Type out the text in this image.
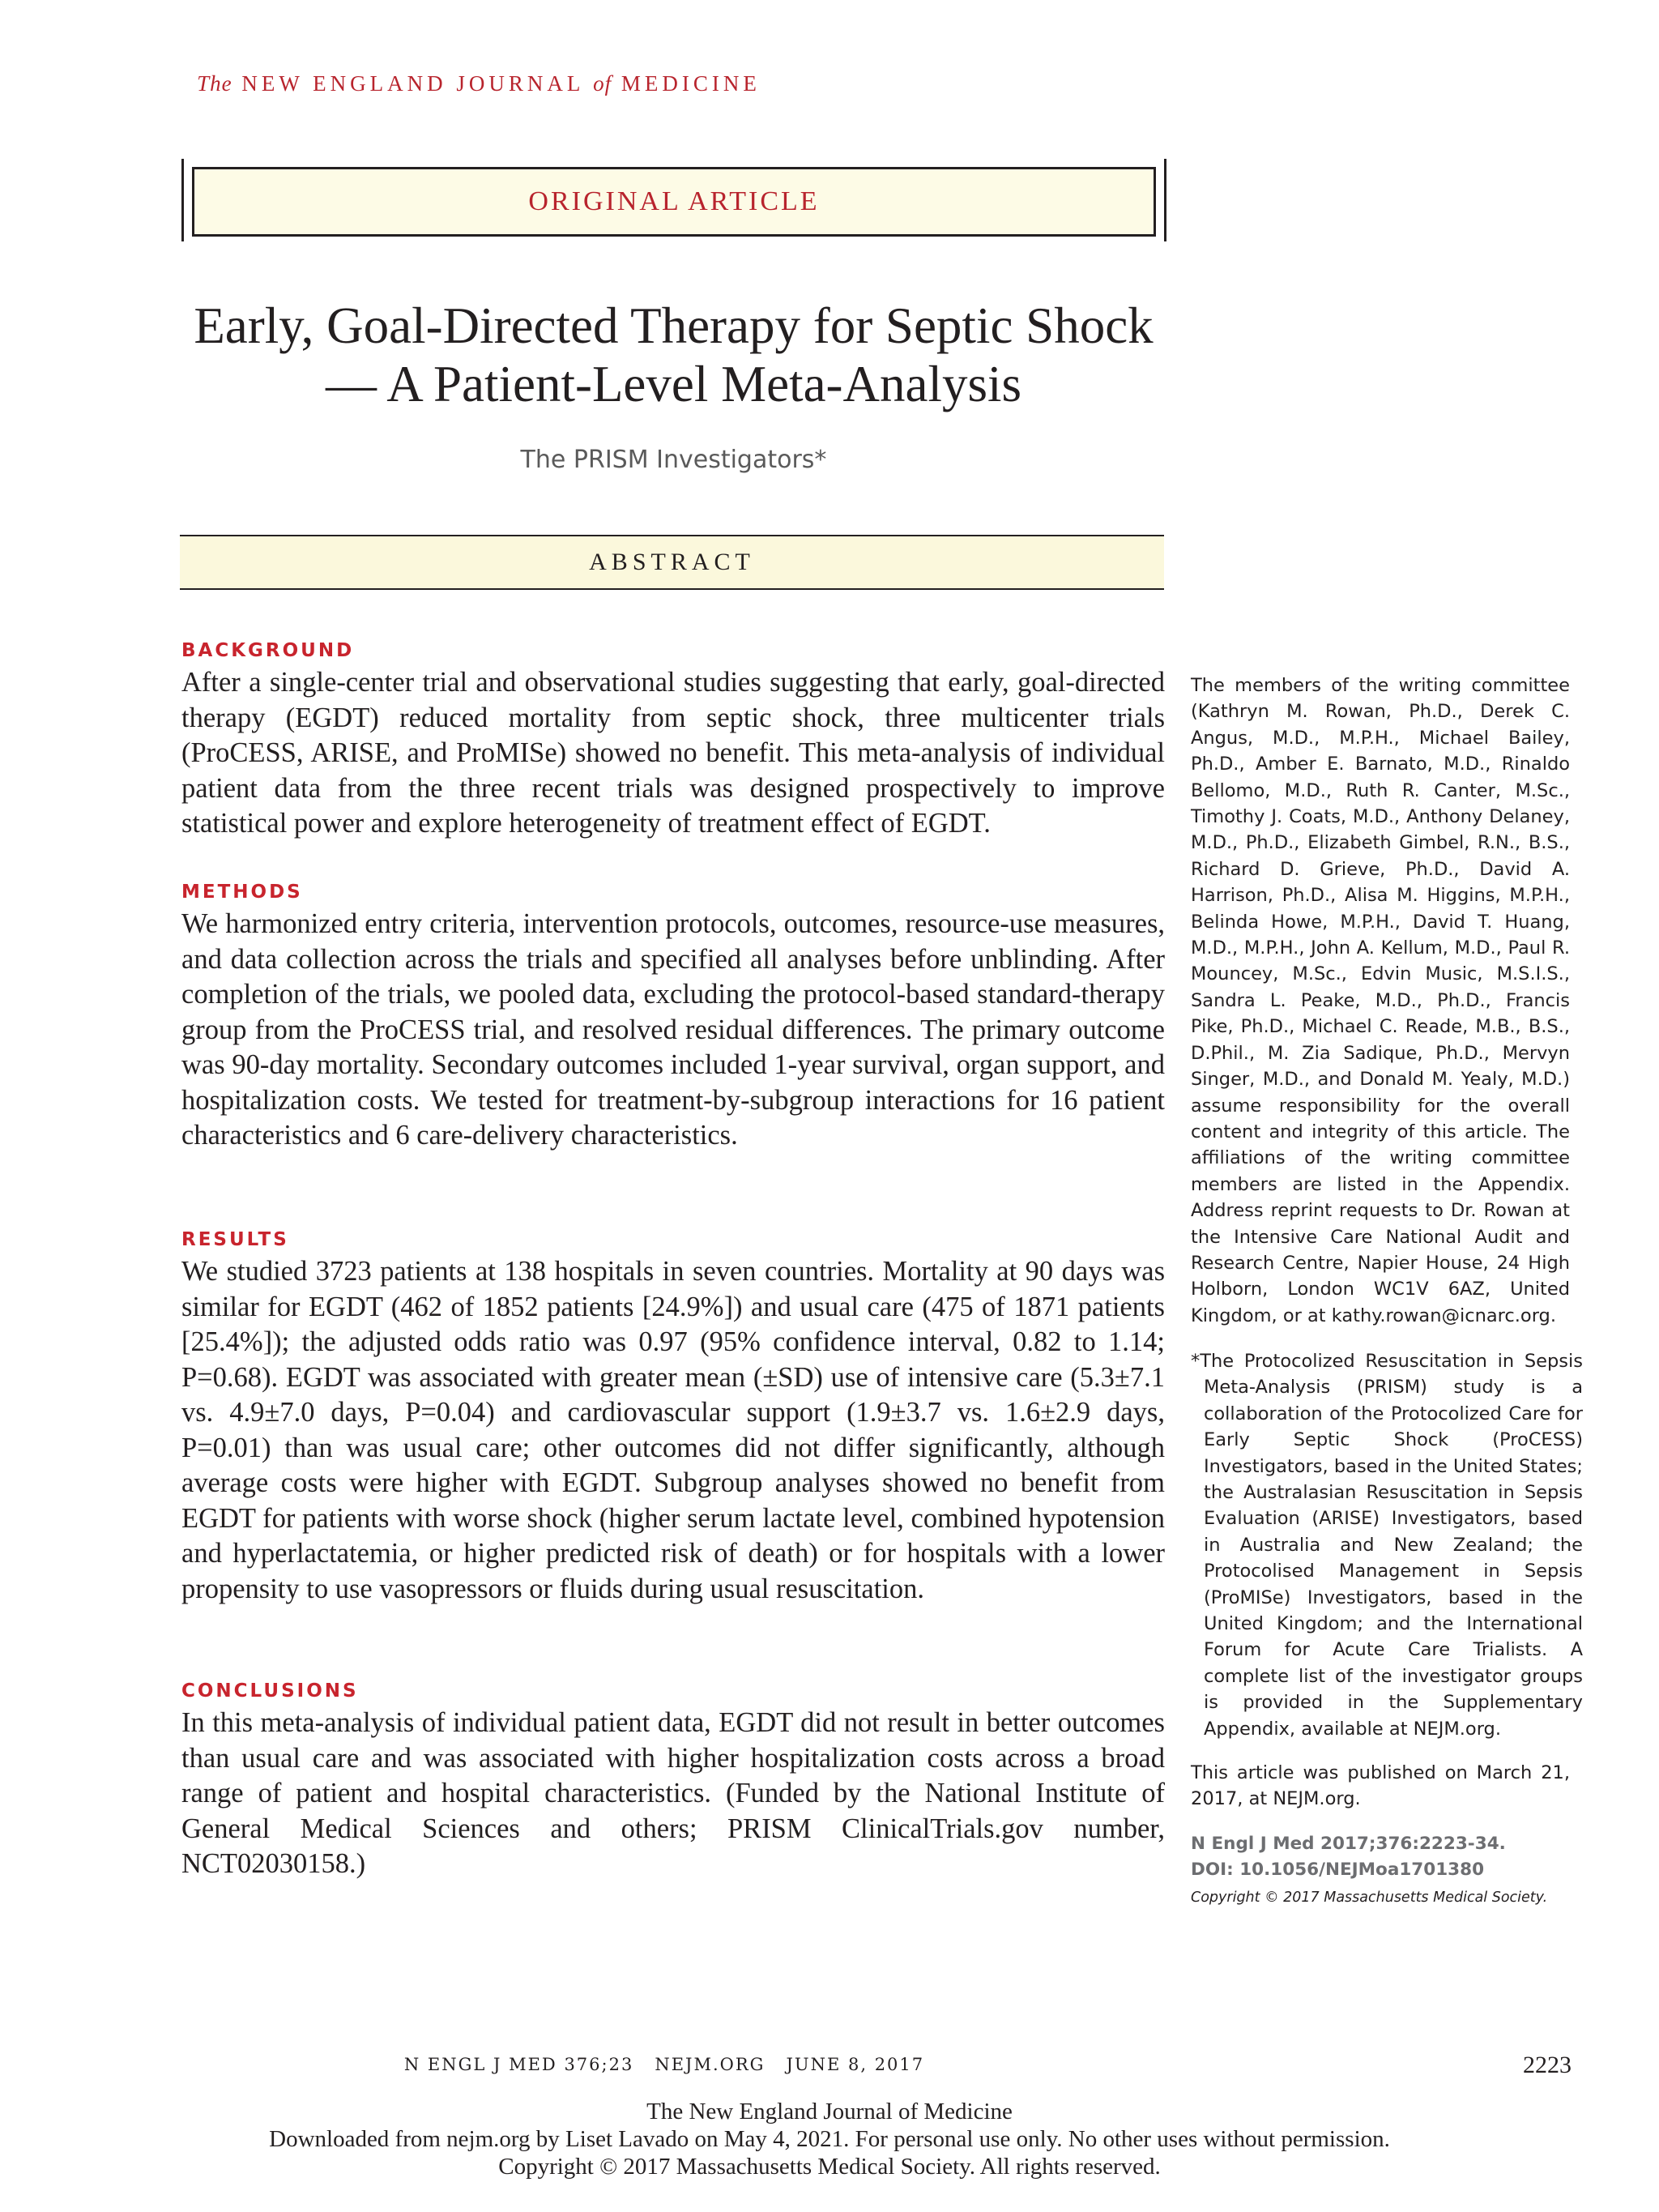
The NEW ENGLAND JOURNAL of MEDICINE
ORIGINAL ARTICLE
Early, Goal-Directed Therapy for Septic Shock
— A Patient-Level Meta-Analysis
The PRISM Investigators*
ABSTRACT
BACKGROUND
After a single-center trial and observational studies suggesting that early, goal-directed therapy (EGDT) reduced mortality from septic shock, three multicenter trials (ProCESS, ARISE, and ProMISe) showed no benefit. This meta-analysis of individual patient data from the three recent trials was designed prospectively to improve statistical power and explore heterogeneity of treatment effect of EGDT.
METHODS
We harmonized entry criteria, intervention protocols, outcomes, resource-use measures, and data collection across the trials and specified all analyses before unblinding. After completion of the trials, we pooled data, excluding the protocol-based standard-therapy group from the ProCESS trial, and resolved residual differences. The primary outcome was 90-day mortality. Secondary outcomes included 1-year survival, organ support, and hospitalization costs. We tested for treatment-by-subgroup interactions for 16 patient characteristics and 6 care-delivery characteristics.
RESULTS
We studied 3723 patients at 138 hospitals in seven countries. Mortality at 90 days was similar for EGDT (462 of 1852 patients [24.9%]) and usual care (475 of 1871 patients [25.4%]); the adjusted odds ratio was 0.97 (95% confidence interval, 0.82 to 1.14; P=0.68). EGDT was associated with greater mean (±SD) use of intensive care (5.3±7.1 vs. 4.9±7.0 days, P=0.04) and cardiovascular support (1.9±3.7 vs. 1.6±2.9 days, P=0.01) than was usual care; other outcomes did not differ significantly, although average costs were higher with EGDT. Subgroup analyses showed no benefit from EGDT for patients with worse shock (higher serum lactate level, combined hypotension and hyperlactatemia, or higher predicted risk of death) or for hospitals with a lower propensity to use vasopressors or fluids during usual resuscitation.
CONCLUSIONS
In this meta-analysis of individual patient data, EGDT did not result in better outcomes than usual care and was associated with higher hospitalization costs across a broad range of patient and hospital characteristics. (Funded by the National Institute of General Medical Sciences and others; PRISM ClinicalTrials.gov number, NCT02030158.)
The members of the writing committee (Kathryn M. Rowan, Ph.D., Derek C. Angus, M.D., M.P.H., Michael Bailey, Ph.D., Amber E. Barnato, M.D., Rinaldo Bellomo, M.D., Ruth R. Canter, M.Sc., Timothy J. Coats, M.D., Anthony Delaney, M.D., Ph.D., Elizabeth Gimbel, R.N., B.S., Richard D. Grieve, Ph.D., David A. Harrison, Ph.D., Alisa M. Higgins, M.P.H., Belinda Howe, M.P.H., David T. Huang, M.D., M.P.H., John A. Kellum, M.D., Paul R. Mouncey, M.Sc., Edvin Music, M.S.I.S., Sandra L. Peake, M.D., Ph.D., Francis Pike, Ph.D., Michael C. Reade, M.B., B.S., D.Phil., M. Zia Sadique, Ph.D., Mervyn Singer, M.D., and Donald M. Yealy, M.D.) assume responsibility for the overall content and integrity of this article. The affiliations of the writing committee members are listed in the Appendix. Address reprint requests to Dr. Rowan at the Intensive Care National Audit and Research Centre, Napier House, 24 High Holborn, London WC1V 6AZ, United Kingdom, or at kathy.rowan@icnarc.org.
*The Protocolized Resuscitation in Sepsis Meta-Analysis (PRISM) study is a collaboration of the Protocolized Care for Early Septic Shock (ProCESS) Investigators, based in the United States; the Australasian Resuscitation in Sepsis Evaluation (ARISE) Investigators, based in Australia and New Zealand; the Protocolised Management in Sepsis (ProMISe) Investigators, based in the United Kingdom; and the International Forum for Acute Care Trialists. A complete list of the investigator groups is provided in the Supplementary Appendix, available at NEJM.org.
This article was published on March 21, 2017, at NEJM.org.
N Engl J Med 2017;376:2223-34.
DOI: 10.1056/NEJMoa1701380
Copyright © 2017 Massachusetts Medical Society.
N ENGL J MED 376;23   NEJM.ORG   JUNE 8, 2017	2223
The New England Journal of Medicine
Downloaded from nejm.org by Liset Lavado on May 4, 2021. For personal use only. No other uses without permission.
Copyright © 2017 Massachusetts Medical Society. All rights reserved.
